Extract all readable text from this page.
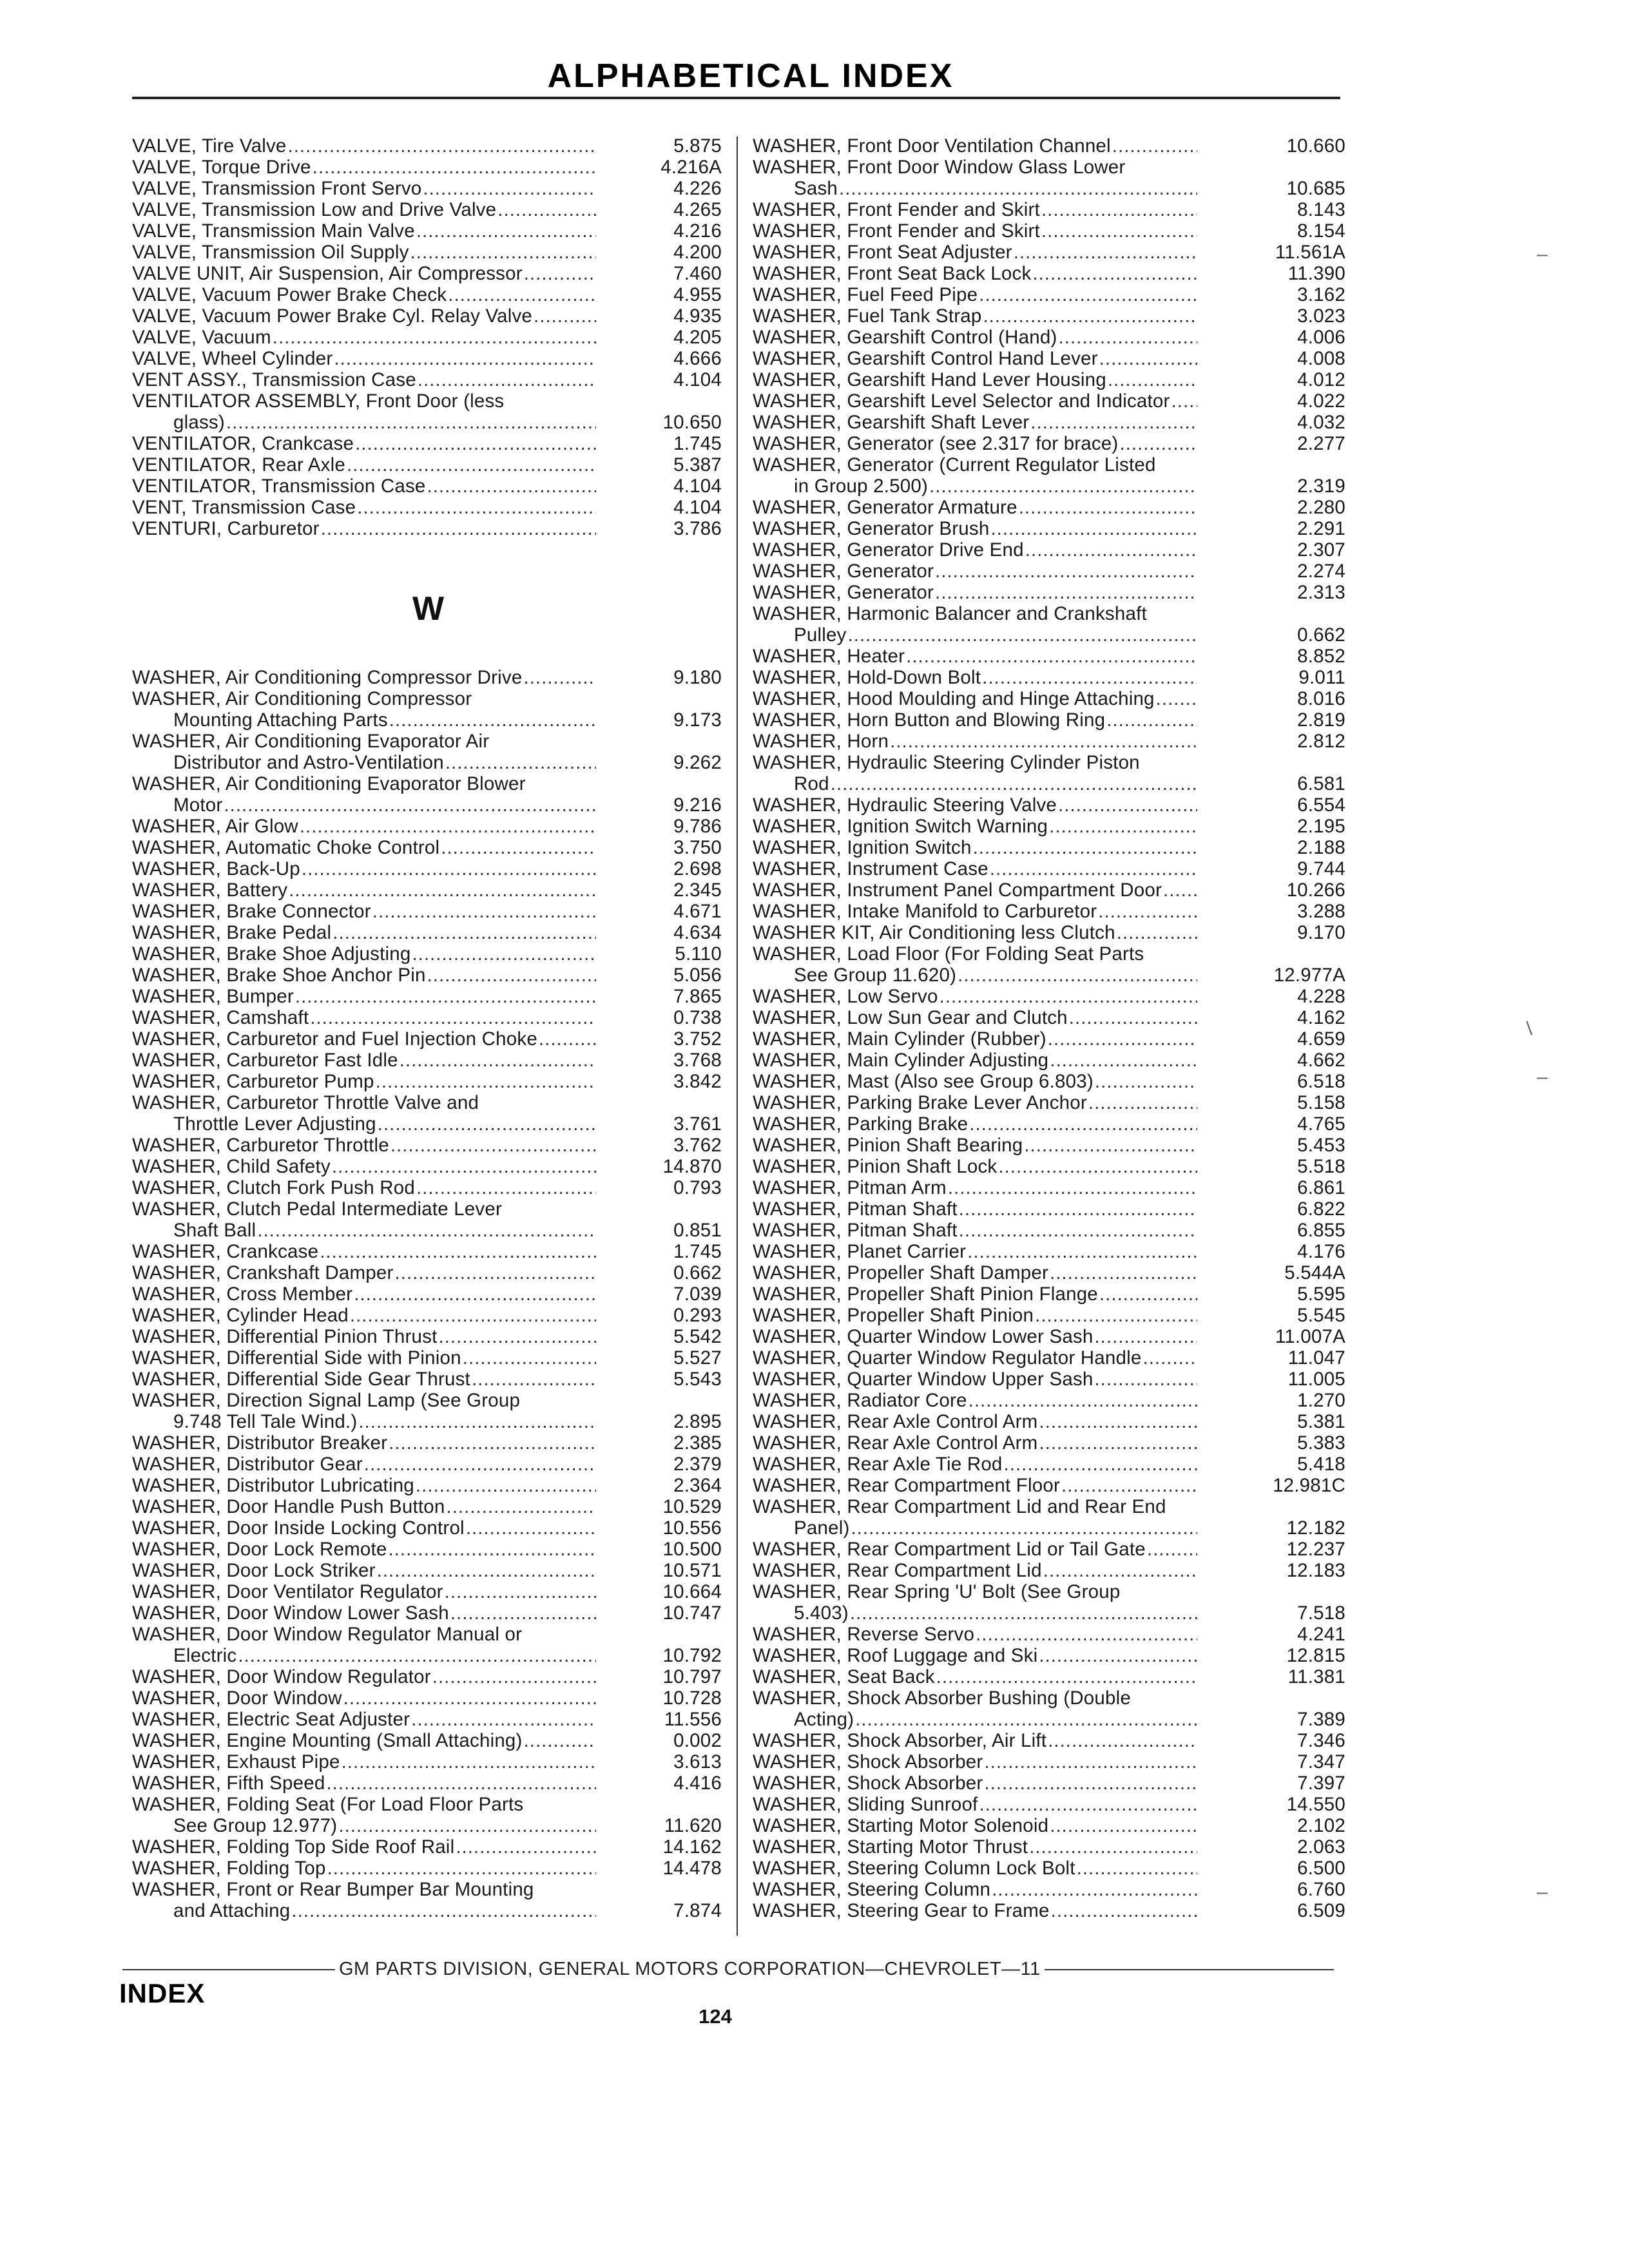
ALPHABETICAL INDEX
VALVE, Tire Valve .....	5.875
VALVE, Torque Drive .....	4.216A
VALVE, Transmission Front Servo .....	4.226
VALVE, Transmission Low and Drive Valve .....	4.265
VALVE, Transmission Main Valve .....	4.216
VALVE, Transmission Oil Supply .....	4.200
VALVE UNIT, Air Suspension, Air Compressor .....	7.460
VALVE, Vacuum Power Brake Check .....	4.955
VALVE, Vacuum Power Brake Cyl. Relay Valve .....	4.935
VALVE, Vacuum .....	4.205
VALVE, Wheel Cylinder .....	4.666
VENT ASSY., Transmission Case .....	4.104
VENTILATOR ASSEMBLY, Front Door (less
glass) .....	10.650
VENTILATOR, Crankcase .....	1.745
VENTILATOR, Rear Axle .....	5.387
VENTILATOR, Transmission Case .....	4.104
VENT, Transmission Case .....	4.104
VENTURI, Carburetor .....	3.786
W
WASHER, Air Conditioning Compressor Drive .....	9.180
WASHER, Air Conditioning Compressor
Mounting Attaching Parts .....	9.173
WASHER, Air Conditioning Evaporator Air
Distributor and Astro-Ventilation .....	9.262
WASHER, Air Conditioning Evaporator Blower
Motor .....	9.216
WASHER, Air Glow .....	9.786
WASHER, Automatic Choke Control .....	3.750
WASHER, Back-Up .....	2.698
WASHER, Battery .....	2.345
WASHER, Brake Connector .....	4.671
WASHER, Brake Pedal .....	4.634
WASHER, Brake Shoe Adjusting .....	5.110
WASHER, Brake Shoe Anchor Pin .....	5.056
WASHER, Bumper .....	7.865
WASHER, Camshaft .....	0.738
WASHER, Carburetor and Fuel Injection Choke .....	3.752
WASHER, Carburetor Fast Idle .....	3.768
WASHER, Carburetor Pump .....	3.842
WASHER, Carburetor Throttle Valve and
Throttle Lever Adjusting .....	3.761
WASHER, Carburetor Throttle .....	3.762
WASHER, Child Safety .....	14.870
WASHER, Clutch Fork Push Rod .....	0.793
WASHER, Clutch Pedal Intermediate Lever
Shaft Ball .....	0.851
WASHER, Crankcase .....	1.745
WASHER, Crankshaft Damper .....	0.662
WASHER, Cross Member .....	7.039
WASHER, Cylinder Head .....	0.293
WASHER, Differential Pinion Thrust .....	5.542
WASHER, Differential Side with Pinion .....	5.527
WASHER, Differential Side Gear Thrust .....	5.543
WASHER, Direction Signal Lamp (See Group
9.748 Tell Tale Wind.) .....	2.895
WASHER, Distributor Breaker .....	2.385
WASHER, Distributor Gear .....	2.379
WASHER, Distributor Lubricating .....	2.364
WASHER, Door Handle Push Button .....	10.529
WASHER, Door Inside Locking Control .....	10.556
WASHER, Door Lock Remote .....	10.500
WASHER, Door Lock Striker .....	10.571
WASHER, Door Ventilator Regulator .....	10.664
WASHER, Door Window Lower Sash .....	10.747
WASHER, Door Window Regulator Manual or
Electric .....	10.792
WASHER, Door Window Regulator .....	10.797
WASHER, Door Window .....	10.728
WASHER, Electric Seat Adjuster .....	11.556
WASHER, Engine Mounting (Small Attaching) .....	0.002
WASHER, Exhaust Pipe .....	3.613
WASHER, Fifth Speed .....	4.416
WASHER, Folding Seat (For Load Floor Parts
See Group 12.977) .....	11.620
WASHER, Folding Top Side Roof Rail .....	14.162
WASHER, Folding Top .....	14.478
WASHER, Front or Rear Bumper Bar Mounting
and Attaching .....	7.874
WASHER, Front Door Ventilation Channel .....	10.660
WASHER, Front Door Window Glass Lower
Sash .....	10.685
WASHER, Front Fender and Skirt .....	8.143
WASHER, Front Fender and Skirt .....	8.154
WASHER, Front Seat Adjuster .....	11.561A
WASHER, Front Seat Back Lock .....	11.390
WASHER, Fuel Feed Pipe .....	3.162
WASHER, Fuel Tank Strap .....	3.023
WASHER, Gearshift Control (Hand) .....	4.006
WASHER, Gearshift Control Hand Lever .....	4.008
WASHER, Gearshift Hand Lever Housing .....	4.012
WASHER, Gearshift Level Selector and Indicator .....	4.022
WASHER, Gearshift Shaft Lever .....	4.032
WASHER, Generator (see 2.317 for brace) .....	2.277
WASHER, Generator (Current Regulator Listed
in Group 2.500) .....	2.319
WASHER, Generator Armature .....	2.280
WASHER, Generator Brush .....	2.291
WASHER, Generator Drive End .....	2.307
WASHER, Generator .....	2.274
WASHER, Generator .....	2.313
WASHER, Harmonic Balancer and Crankshaft
Pulley .....	0.662
WASHER, Heater .....	8.852
WASHER, Hold-Down Bolt .....	9.011
WASHER, Hood Moulding and Hinge Attaching .....	8.016
WASHER, Horn Button and Blowing Ring .....	2.819
WASHER, Horn .....	2.812
WASHER, Hydraulic Steering Cylinder Piston
Rod .....	6.581
WASHER, Hydraulic Steering Valve .....	6.554
WASHER, Ignition Switch Warning .....	2.195
WASHER, Ignition Switch .....	2.188
WASHER, Instrument Case .....	9.744
WASHER, Instrument Panel Compartment Door .....	10.266
WASHER, Intake Manifold to Carburetor .....	3.288
WASHER KIT, Air Conditioning less Clutch .....	9.170
WASHER, Load Floor (For Folding Seat Parts
See Group 11.620) .....	12.977A
WASHER, Low Servo .....	4.228
WASHER, Low Sun Gear and Clutch .....	4.162
WASHER, Main Cylinder (Rubber) .....	4.659
WASHER, Main Cylinder Adjusting .....	4.662
WASHER, Mast (Also see Group 6.803) .....	6.518
WASHER, Parking Brake Lever Anchor .....	5.158
WASHER, Parking Brake .....	4.765
WASHER, Pinion Shaft Bearing .....	5.453
WASHER, Pinion Shaft Lock .....	5.518
WASHER, Pitman Arm .....	6.861
WASHER, Pitman Shaft .....	6.822
WASHER, Pitman Shaft .....	6.855
WASHER, Planet Carrier .....	4.176
WASHER, Propeller Shaft Damper .....	5.544A
WASHER, Propeller Shaft Pinion Flange .....	5.595
WASHER, Propeller Shaft Pinion .....	5.545
WASHER, Quarter Window Lower Sash .....	11.007A
WASHER, Quarter Window Regulator Handle .....	11.047
WASHER, Quarter Window Upper Sash .....	11.005
WASHER, Radiator Core .....	1.270
WASHER, Rear Axle Control Arm .....	5.381
WASHER, Rear Axle Control Arm .....	5.383
WASHER, Rear Axle Tie Rod .....	5.418
WASHER, Rear Compartment Floor .....	12.981C
WASHER, Rear Compartment Lid and Rear End
Panel) .....	12.182
WASHER, Rear Compartment Lid or Tail Gate .....	12.237
WASHER, Rear Compartment Lid .....	12.183
WASHER, Rear Spring 'U' Bolt (See Group
5.403) .....	7.518
WASHER, Reverse Servo .....	4.241
WASHER, Roof Luggage and Ski .....	12.815
WASHER, Seat Back .....	11.381
WASHER, Shock Absorber Bushing (Double
Acting) .....	7.389
WASHER, Shock Absorber, Air Lift .....	7.346
WASHER, Shock Absorber .....	7.347
WASHER, Shock Absorber .....	7.397
WASHER, Sliding Sunroof .....	14.550
WASHER, Starting Motor Solenoid .....	2.102
WASHER, Starting Motor Thrust .....	2.063
WASHER, Steering Column Lock Bolt .....	6.500
WASHER, Steering Column .....	6.760
WASHER, Steering Gear to Frame .....	6.509
–
/
–
–
GM PARTS DIVISION, GENERAL MOTORS CORPORATION—CHEVROLET—11
INDEX
124
